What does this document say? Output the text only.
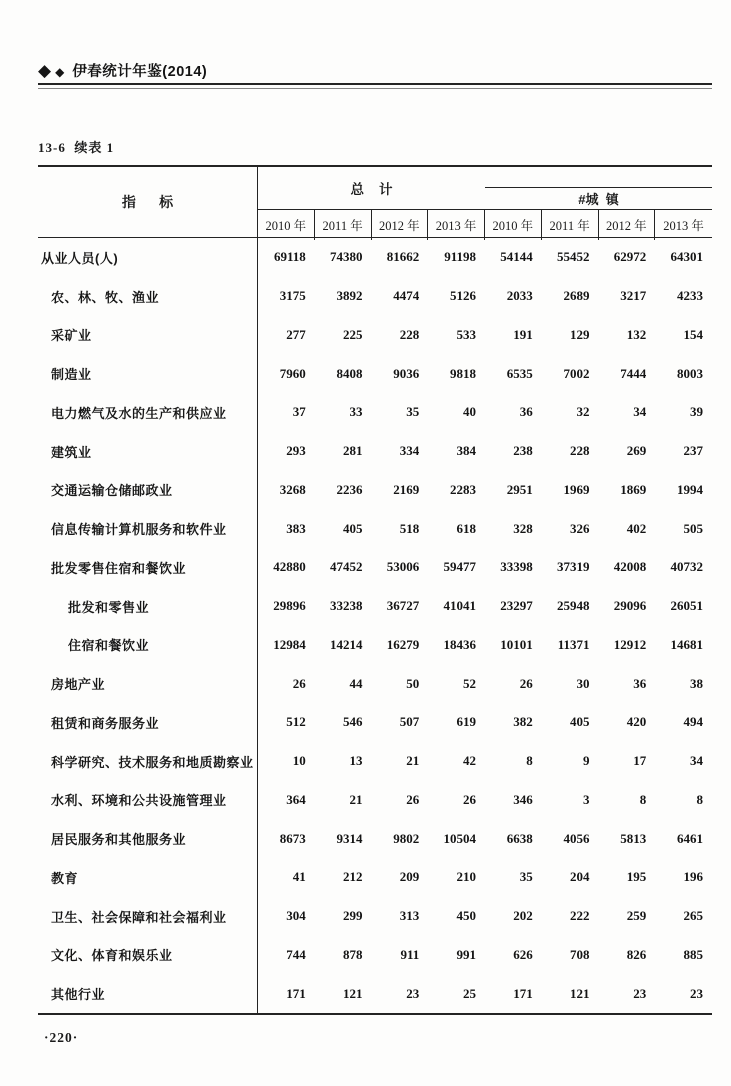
◆ ◆ 伊春统计年鉴(2014)
13-6  续表 1
指      标
总    计
#城  镇
2010 年	2011 年	2012 年	2013 年	2010 年	2011 年	2012 年	2013 年
从业人员(人)	69118	74380	81662	91198	54144	55452	62972	64301
农、林、牧、渔业	3175	3892	4474	5126	2033	2689	3217	4233
采矿业	277	225	228	533	191	129	132	154
制造业	7960	8408	9036	9818	6535	7002	7444	8003
电力燃气及水的生产和供应业	37	33	35	40	36	32	34	39
建筑业	293	281	334	384	238	228	269	237
交通运输仓储邮政业	3268	2236	2169	2283	2951	1969	1869	1994
信息传输计算机服务和软件业	383	405	518	618	328	326	402	505
批发零售住宿和餐饮业	42880	47452	53006	59477	33398	37319	42008	40732
批发和零售业	29896	33238	36727	41041	23297	25948	29096	26051
住宿和餐饮业	12984	14214	16279	18436	10101	11371	12912	14681
房地产业	26	44	50	52	26	30	36	38
租赁和商务服务业	512	546	507	619	382	405	420	494
科学研究、技术服务和地质勘察业	10	13	21	42	8	9	17	34
水利、环境和公共设施管理业	364	21	26	26	346	3	8	8
居民服务和其他服务业	8673	9314	9802	10504	6638	4056	5813	6461
教育	41	212	209	210	35	204	195	196
卫生、社会保障和社会福利业	304	299	313	450	202	222	259	265
文化、体育和娱乐业	744	878	911	991	626	708	826	885
其他行业	171	121	23	25	171	121	23	23
·220·
